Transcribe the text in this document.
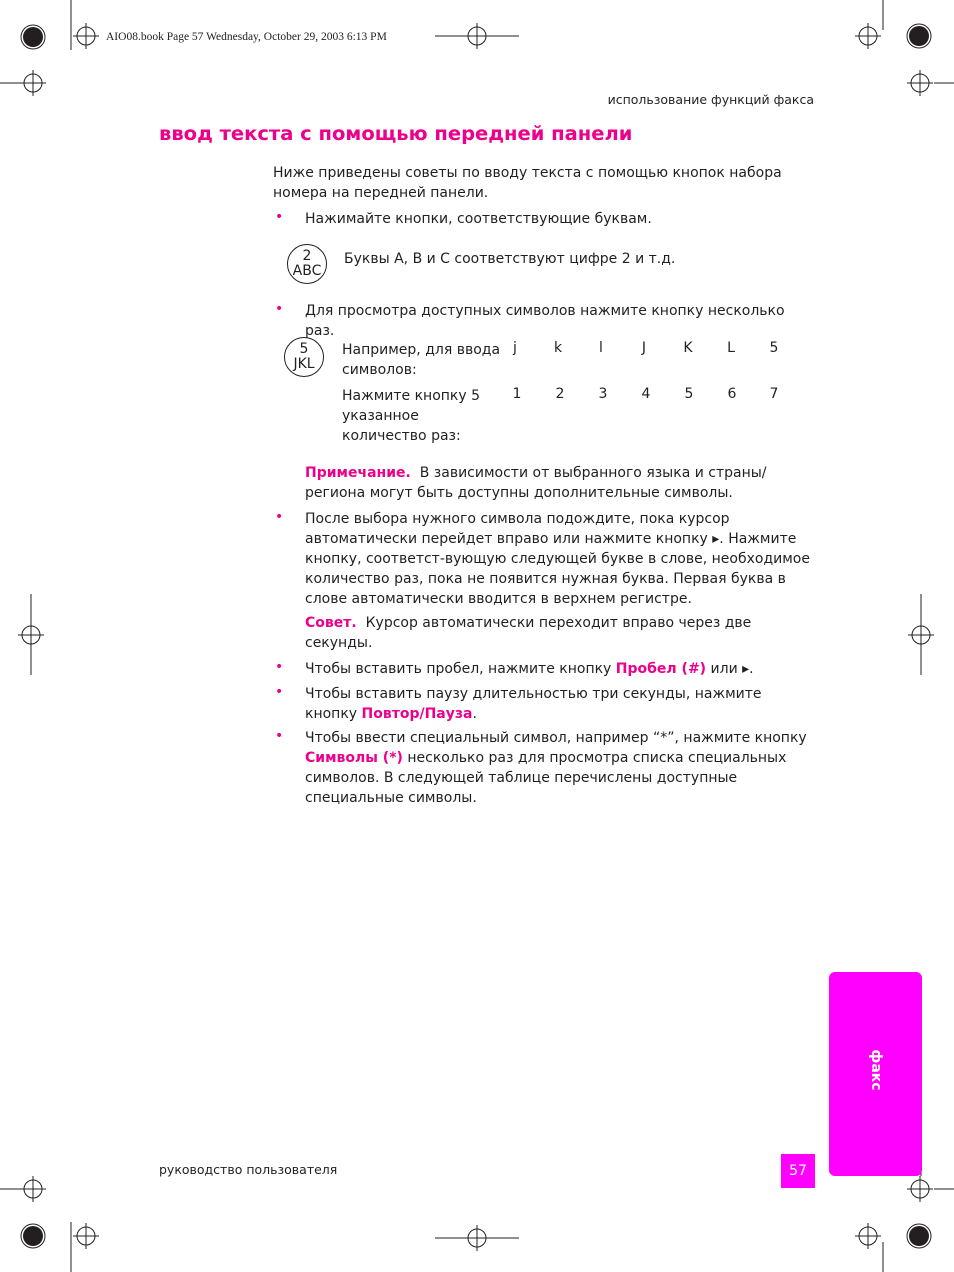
AIO08.book Page 57 Wednesday, October 29, 2003 6:13 PM
использование функций факса
ввод текста с помощью передней панели
Ниже приведены советы по вводу текста с помощью кнопок набора номера на передней панели.
• Нажимайте кнопки, соответствующие буквам.
2
ABC
Буквы A, B и C соответствуют цифре 2 и т.д.
• Для просмотра доступных символов нажмите кнопку несколько раз.
5
JKL
Например, для ввода символов:
Нажмите кнопку 5 указанное количество раз:
j	k	l	J	K	L	5
1	2	3	4	5	6	7
Примечание. В зависимости от выбранного языка и страны/региона могут быть доступны дополнительные символы.
• После выбора нужного символа подождите, пока курсор автоматически перейдет вправо или нажмите кнопку ▸. Нажмите кнопку, соответст-вующую следующей букве в слове, необходимое количество раз, пока не появится нужная буква. Первая буква в слове автоматически вводится в верхнем регистре.
Совет. Курсор автоматически переходит вправо через две секунды.
• Чтобы вставить пробел, нажмите кнопку Пробел (#) или ▸.
• Чтобы вставить паузу длительностью три секунды, нажмите кнопку Повтор/Пауза.
• Чтобы ввести специальный символ, например “*”, нажмите кнопку Символы (*) несколько раз для просмотра списка специальных символов. В следующей таблице перечислены доступные специальные символы.
факс
руководство пользователя	57
